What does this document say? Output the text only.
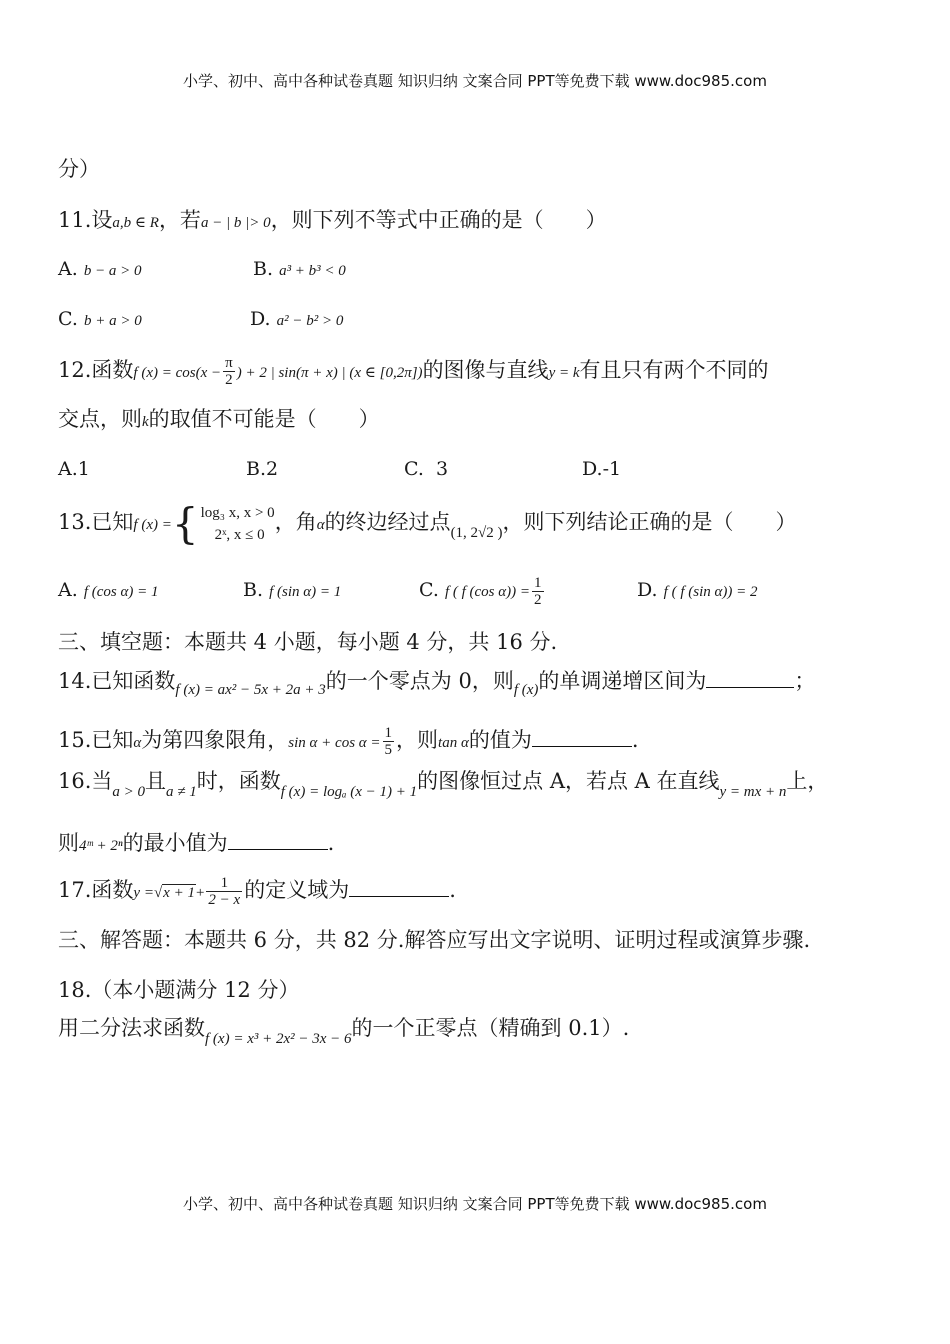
小学、初中、高中各种试卷真题 知识归纳 文案合同 PPT等免费下载 www.doc985.com
分）
11.设a,b ∈ R，若a − | b |> 0，则下列不等式中正确的是（　　）
A. b − a > 0	B. a³ + b³ < 0
C. b + a > 0	D. a² − b² > 0
12.函数f $(x) = \cos(x - \frac{\pi}{2}$ ) + 2 | sin(π + x) | (x ∈ [0,2π])的图像与直线y = k有且只有两个不同的
交点，则k的取值不可能是（　　）
A.1	B.2	C.  3	D.-1
13.已知f (x) ={ log₃ x, x > 0
2ˣ, x ≤ 0
，角α的终边经过点$_{(1, 2√2 )}$，则下列结论正确的是（　　）
A. f (cos α) = 1	B. f (sin α) = 1	C. f ( f (cos $\alpha)) = \frac{1}{2}$	D. f ( f (sin α)) = 2
三、填空题：本题共 4 小题，每小题 4 分，共 16 分.
14.已知函数$_{f (x) = ax^2 - 5x + 2a + 3}$的一个零点为 0，则$_{f (x)}$的单调递增区间为	；
15.已知α为第四象限角，$\sin \alpha + \cos \alpha = \frac{1}{5}$ ，则tan α的值为	.
16.当$_{a > 0}$且$_{a \ne 1}$时，函数$_{f (x) = log_a (x - 1) + 1}$的图像恒过点 A，若点 A 在直线$_{y = mx + n}$上，
则4ᵐ + 2ⁿ的最小值为	.
17.函数$y =√x + 1+ \frac{1}{2 - x}$ 的定义域为	.
三、解答题：本题共 6 分，共 82 分.解答应写出文字说明、证明过程或演算步骤.
18.（本小题满分 12 分）
用二分法求函数$_{f (x) = x^3 + 2x^2 - 3x - 6}$的一个正零点（精确到 0.1）.
小学、初中、高中各种试卷真题 知识归纳 文案合同 PPT等免费下载 www.doc985.com
